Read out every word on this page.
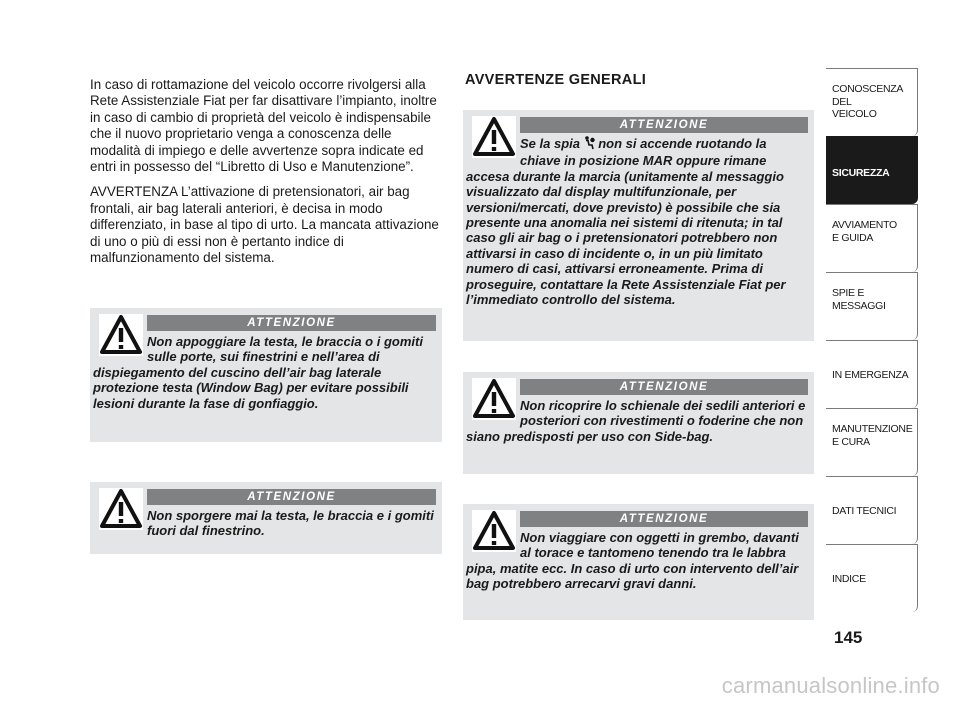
In caso di rottamazione del veicolo occorre rivolgersi alla Rete Assistenziale Fiat per far disattivare l’impianto, inoltre in caso di cambio di proprietà del veicolo è indispensabile che il nuovo proprietario venga a conoscenza delle modalità di impiego e delle avvertenze sopra indicate ed entri in possesso del “Libretto di Uso e Manutenzione”.

AVVERTENZA L’attivazione di pretensionatori, air bag frontali, air bag laterali anteriori, è decisa in modo differenziato, in base al tipo di urto. La mancata attivazione di uno o più di essi non è pertanto indice di malfunzionamento del sistema.

AVVERTENZE GENERALI
ATTENZIONE
Non appoggiare la testa, le braccia o i gomiti sulle porte, sui finestrini e nell’area di dispiegamento del cuscino dell’air bag laterale protezione testa (Window Bag) per evitare possibili lesioni durante la fase di gonfiaggio.
ATTENZIONE
Non sporgere mai la testa, le braccia e i gomiti fuori dal finestrino.
ATTENZIONE
Se la spia  non si accende ruotando la chiave in posizione MAR oppure rimane accesa durante la marcia (unitamente al messaggio visualizzato dal display multifunzionale, per versioni/mercati, dove previsto) è possibile che sia presente una anomalia nei sistemi di ritenuta; in tal caso gli air bag o i pretensionatori potrebbero non attivarsi in caso di incidente o, in un più limitato numero di casi, attivarsi erroneamente. Prima di proseguire, contattare la Rete Assistenziale Fiat per l’immediato controllo del sistema.
ATTENZIONE
Non ricoprire lo schienale dei sedili anteriori e posteriori con rivestimenti o foderine che non siano predisposti per uso con Side-bag.
ATTENZIONE
Non viaggiare con oggetti in grembo, davanti al torace e tantomeno tenendo tra le labbra pipa, matite ecc. In caso di urto con intervento dell’air bag potrebbero arrecarvi gravi danni.
CONOSCENZA
DEL
VEICOLO
SICUREZZA
AVVIAMENTO
E GUIDA
SPIE E
MESSAGGI
IN EMERGENZA
MANUTENZIONE
E CURA
DATI TECNICI
INDICE
145
carmanualsonline.info
